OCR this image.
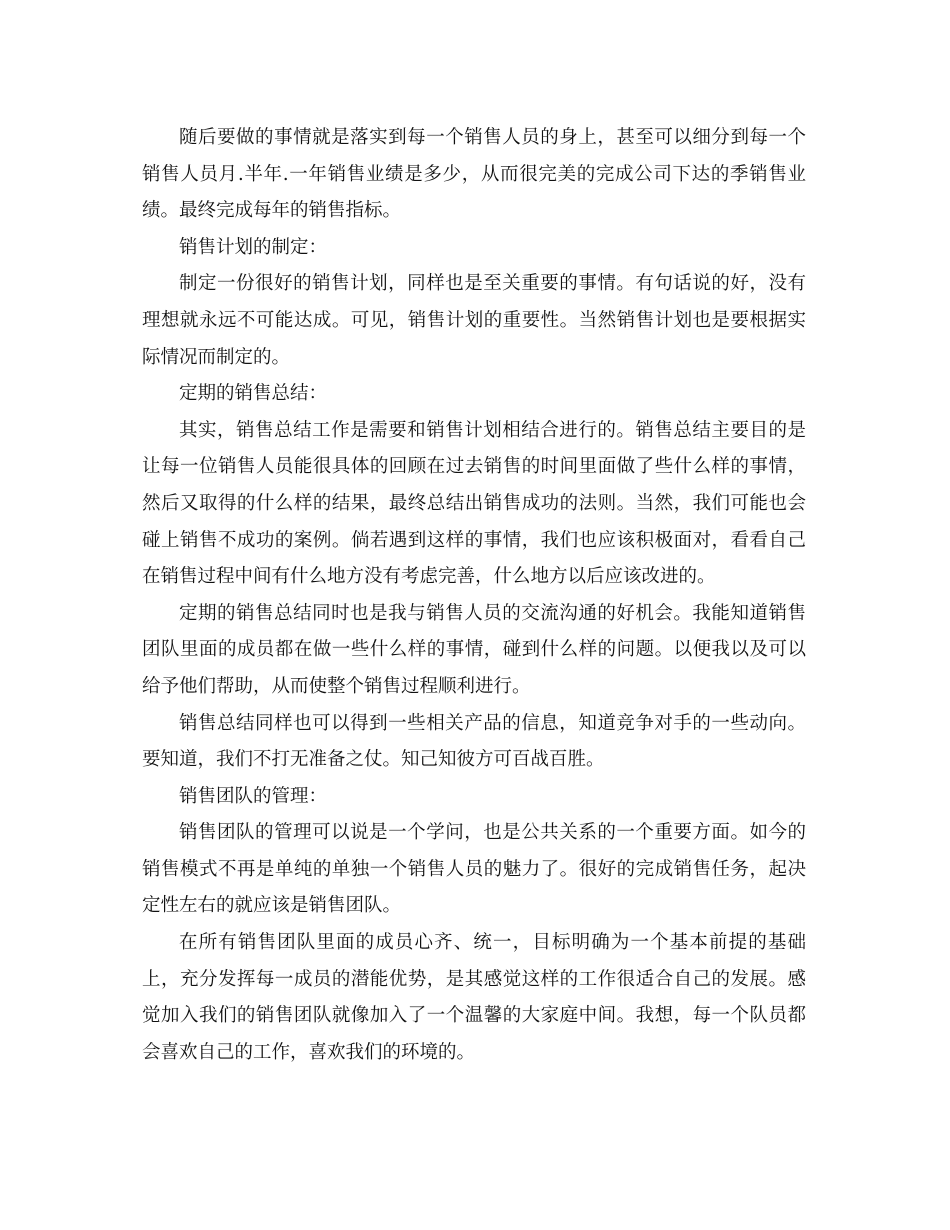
随后要做的事情就是落实到每一个销售人员的身上，甚至可以细分到每一个销售人员月.半年.一年销售业绩是多少，从而很完美的完成公司下达的季销售业绩。最终完成每年的销售指标。

销售计划的制定：

制定一份很好的销售计划，同样也是至关重要的事情。有句话说的好，没有理想就永远不可能达成。可见，销售计划的重要性。当然销售计划也是要根据实际情况而制定的。

定期的销售总结：

其实，销售总结工作是需要和销售计划相结合进行的。销售总结主要目的是让每一位销售人员能很具体的回顾在过去销售的时间里面做了些什么样的事情，然后又取得的什么样的结果，最终总结出销售成功的法则。当然，我们可能也会碰上销售不成功的案例。倘若遇到这样的事情，我们也应该积极面对，看看自己在销售过程中间有什么地方没有考虑完善，什么地方以后应该改进的。

定期的销售总结同时也是我与销售人员的交流沟通的好机会。我能知道销售团队里面的成员都在做一些什么样的事情，碰到什么样的问题。以便我以及可以给予他们帮助，从而使整个销售过程顺利进行。

销售总结同样也可以得到一些相关产品的信息，知道竞争对手的一些动向。要知道，我们不打无准备之仗。知己知彼方可百战百胜。

销售团队的管理：

销售团队的管理可以说是一个学问，也是公共关系的一个重要方面。如今的销售模式不再是单纯的单独一个销售人员的魅力了。很好的完成销售任务，起决定性左右的就应该是销售团队。

在所有销售团队里面的成员心齐、统一，目标明确为一个基本前提的基础上，充分发挥每一成员的潜能优势，是其感觉这样的工作很适合自己的发展。感觉加入我们的销售团队就像加入了一个温馨的大家庭中间。我想，每一个队员都会喜欢自己的工作，喜欢我们的环境的。
